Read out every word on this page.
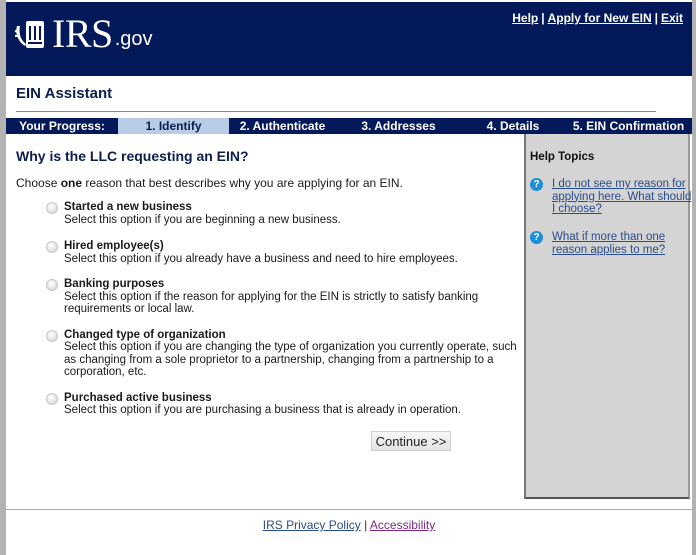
IRS .gov
Help | Apply for New EIN | Exit
EIN Assistant
Your Progress:	1. Identify	2. Authenticate	3. Addresses	4. Details	5. EIN Confirmation
Why is the LLC requesting an EIN?
Choose one reason that best describes why you are applying for an EIN.
Started a new business
Select this option if you are beginning a new business.
Hired employee(s)
Select this option if you already have a business and need to hire employees.
Banking purposes
Select this option if the reason for applying for the EIN is strictly to satisfy banking requirements or local law.
Changed type of organization
Select this option if you are changing the type of organization you currently operate, such as changing from a sole proprietor to a partnership, changing from a partnership to a corporation, etc.
Purchased active business
Select this option if you are purchasing a business that is already in operation.
Continue >>
Help Topics
?	I do not see my reason for applying here. What should I choose?
?	What if more than one reason applies to me?
IRS Privacy Policy | Accessibility
